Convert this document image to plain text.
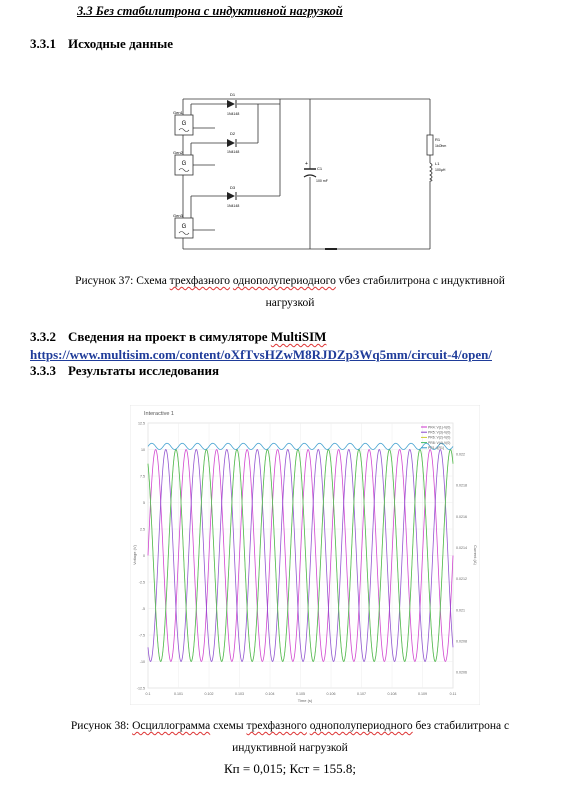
3.3 Без стабилитрона с индуктивной нагрузкой
3.3.1 Исходные данные
G
Gen1
G
Gen2
G
Gen3
D1
1N4148
D2
1N4148
D3
1N4148
+
C1
100 mF
R1
1kOhm
L1
100µH
Рисунок 37: Схема трехфазного однополупериодного vбез стабилитрона с индуктивной
нагрузкой
3.3.2 Сведения на проект в симуляторе MultiSIM
https://www.multisim.com/content/oXfTvsHZwM8RJDZp3Wq5mm/circuit-4/open/
3.3.3 Результаты исследования
Interactive 1
0.1	0.101	0.102	0.103	0.104	0.105	0.106	0.107	0.108	0.109	0.11
12.5
10
7.5
5
2.5
0
-2.5
-5
-7.5
-10
-12.5
0.022
0.0218
0.0216
0.0214
0.0212
0.021
0.0208
0.0206
PR4: V(1)-V(0)
PR5: V(3)-V(0)
PR6: V(2)-V(0)
PR8: V(4)-V(0)
PR1: I(R1)
Voltage (V)	Current (A)
Time (s)
Рисунок 38: Осциллограмма схемы трехфазного однополупериодного без стабилитрона с
индуктивной нагрузкой
Кп = 0,015; Кст = 155.8;
